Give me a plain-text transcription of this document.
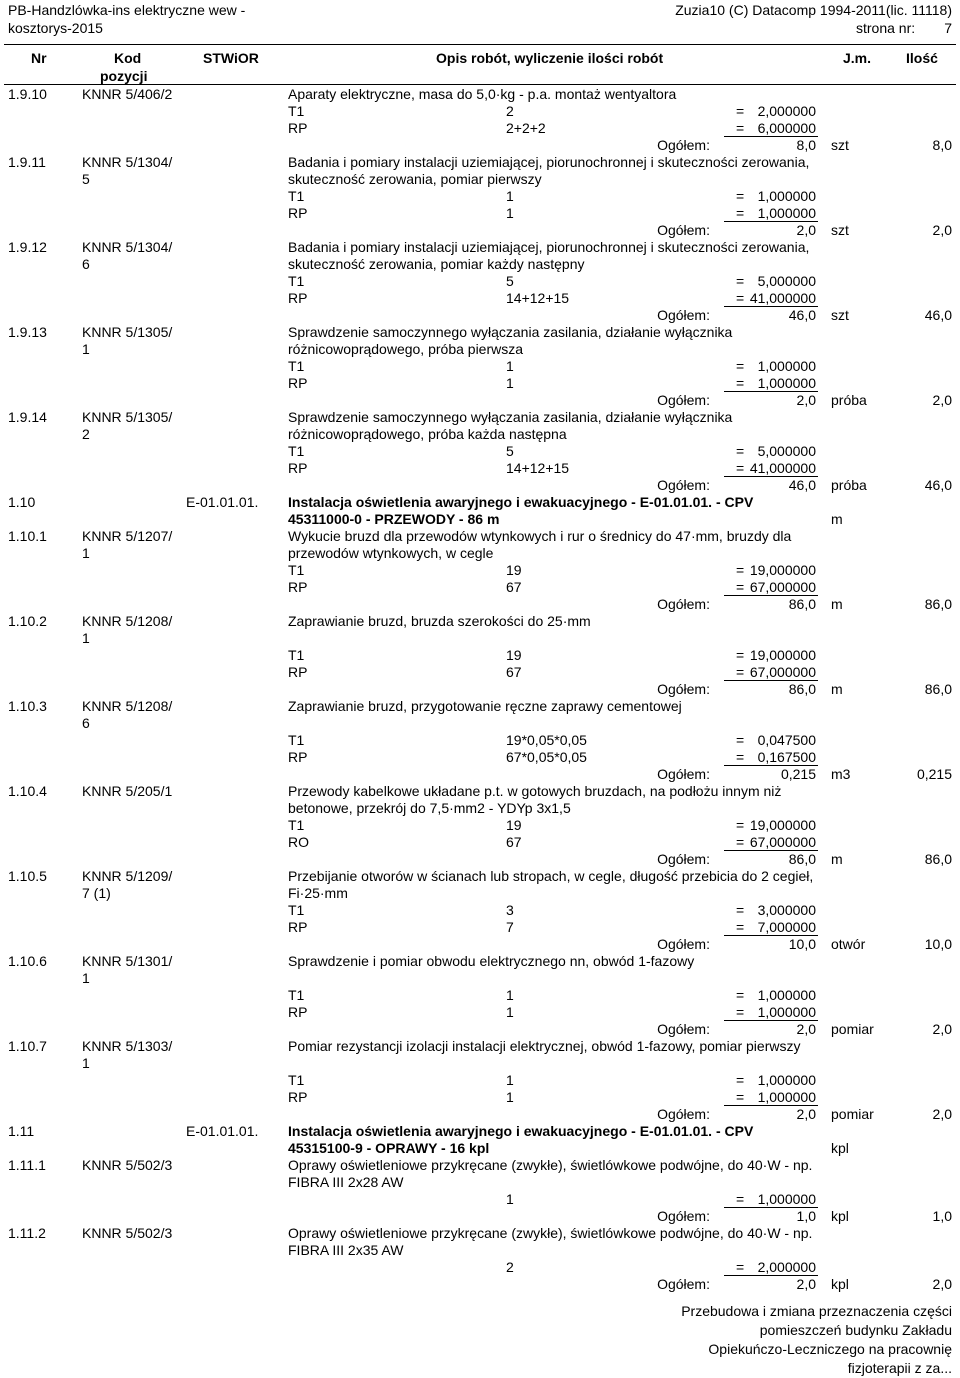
PB-Handzlówka-ins elektryczne wew -
kosztorys-2015
Zuzia10 (C) Datacomp 1994-2011(lic. 11118)
strona nr: 7
Nr	Kod
pozycji
STWiOR	Opis robót, wyliczenie ilości robót	J.m. Ilość
1.9.10	KNNR 5/406/2	Aparaty elektryczne, masa do 5,0·kg - p.a. montaż wentyaltora
T1	2	= 2,000000
RP	2+2+2	= 6,000000
Ogółem:	8,0 szt	8,0
1.9.11	KNNR 5/1304/
5
Badania i pomiary instalacji uziemiającej, piorunochronnej i skuteczności zerowania,
skuteczność zerowania, pomiar pierwszy
T1	1	= 1,000000
RP	1	= 1,000000
Ogółem:	2,0 szt	2,0
1.9.12	KNNR 5/1304/
6
Badania i pomiary instalacji uziemiającej, piorunochronnej i skuteczności zerowania,
skuteczność zerowania, pomiar każdy następny
T1	5	= 5,000000
RP	14+12+15	= 41,000000
Ogółem:	46,0 szt	46,0
1.9.13	KNNR 5/1305/
1
Sprawdzenie samoczynnego wyłączania zasilania, działanie wyłącznika
różnicowoprądowego, próba pierwsza
T1	1	= 1,000000
RP	1	= 1,000000
Ogółem:	2,0 próba	2,0
1.9.14	KNNR 5/1305/
2
Sprawdzenie samoczynnego wyłączania zasilania, działanie wyłącznika
różnicowoprądowego, próba każda następna
T1	5	= 5,000000
RP	14+12+15	= 41,000000
Ogółem:	46,0 próba	46,0
1.10	E-01.01.01. Instalacja oświetlenia awaryjnego i ewakuacyjnego - E-01.01.01. - CPV
45311000-0 - PRZEWODY - 86 m	m
1.10.1	KNNR 5/1207/
1
Wykucie bruzd dla przewodów wtynkowych i rur o średnicy do 47·mm, bruzdy dla
przewodów wtynkowych, w cegle
T1	19	= 19,000000
RP	67	= 67,000000
Ogółem:	86,0 m	86,0
1.10.2	KNNR 5/1208/
1
Zaprawianie bruzd, bruzda szerokości do 25·mm
T1	19	= 19,000000
RP	67	= 67,000000
Ogółem:	86,0 m	86,0
1.10.3	KNNR 5/1208/
6
Zaprawianie bruzd, przygotowanie ręczne zaprawy cementowej
T1	19*0,05*0,05	= 0,047500
RP	67*0,05*0,05	= 0,167500
Ogółem:	0,215 m3	0,215
1.10.4	KNNR 5/205/1	Przewody kabelkowe układane p.t. w gotowych bruzdach, na podłożu innym niż
betonowe, przekrój do 7,5·mm2 - YDYp 3x1,5
T1	19	= 19,000000
RO	67	= 67,000000
Ogółem:	86,0 m	86,0
1.10.5	KNNR 5/1209/
7 (1)
Przebijanie otworów w ścianach lub stropach, w cegle, długość przebicia do 2 cegieł,
Fi·25·mm
T1	3	= 3,000000
RP	7	= 7,000000
Ogółem:	10,0 otwór	10,0
1.10.6	KNNR 5/1301/
1
Sprawdzenie i pomiar obwodu elektrycznego nn, obwód 1-fazowy
T1	1	= 1,000000
RP	1	= 1,000000
Ogółem:	2,0 pomiar	2,0
1.10.7	KNNR 5/1303/
1
Pomiar rezystancji izolacji instalacji elektrycznej, obwód 1-fazowy, pomiar pierwszy
T1	1	= 1,000000
RP	1	= 1,000000
Ogółem:	2,0 pomiar	2,0
1.11	E-01.01.01. Instalacja oświetlenia awaryjnego i ewakuacyjnego - E-01.01.01. - CPV
45315100-9 - OPRAWY - 16 kpl	kpl
1.11.1	KNNR 5/502/3	Oprawy oświetleniowe przykręcane (zwykłe), świetlówkowe podwójne, do 40·W - np.
FIBRA III 2x28 AW
1	= 1,000000
Ogółem:	1,0 kpl	1,0
1.11.2	KNNR 5/502/3	Oprawy oświetleniowe przykręcane (zwykłe), świetlówkowe podwójne, do 40·W - np.
FIBRA III 2x35 AW
2	= 2,000000
Ogółem:	2,0 kpl	2,0
Przebudowa i zmiana przeznaczenia części
pomieszczeń budynku Zakładu
Opiekuńczo-Leczniczego na pracownię
fizjoterapii z za...
